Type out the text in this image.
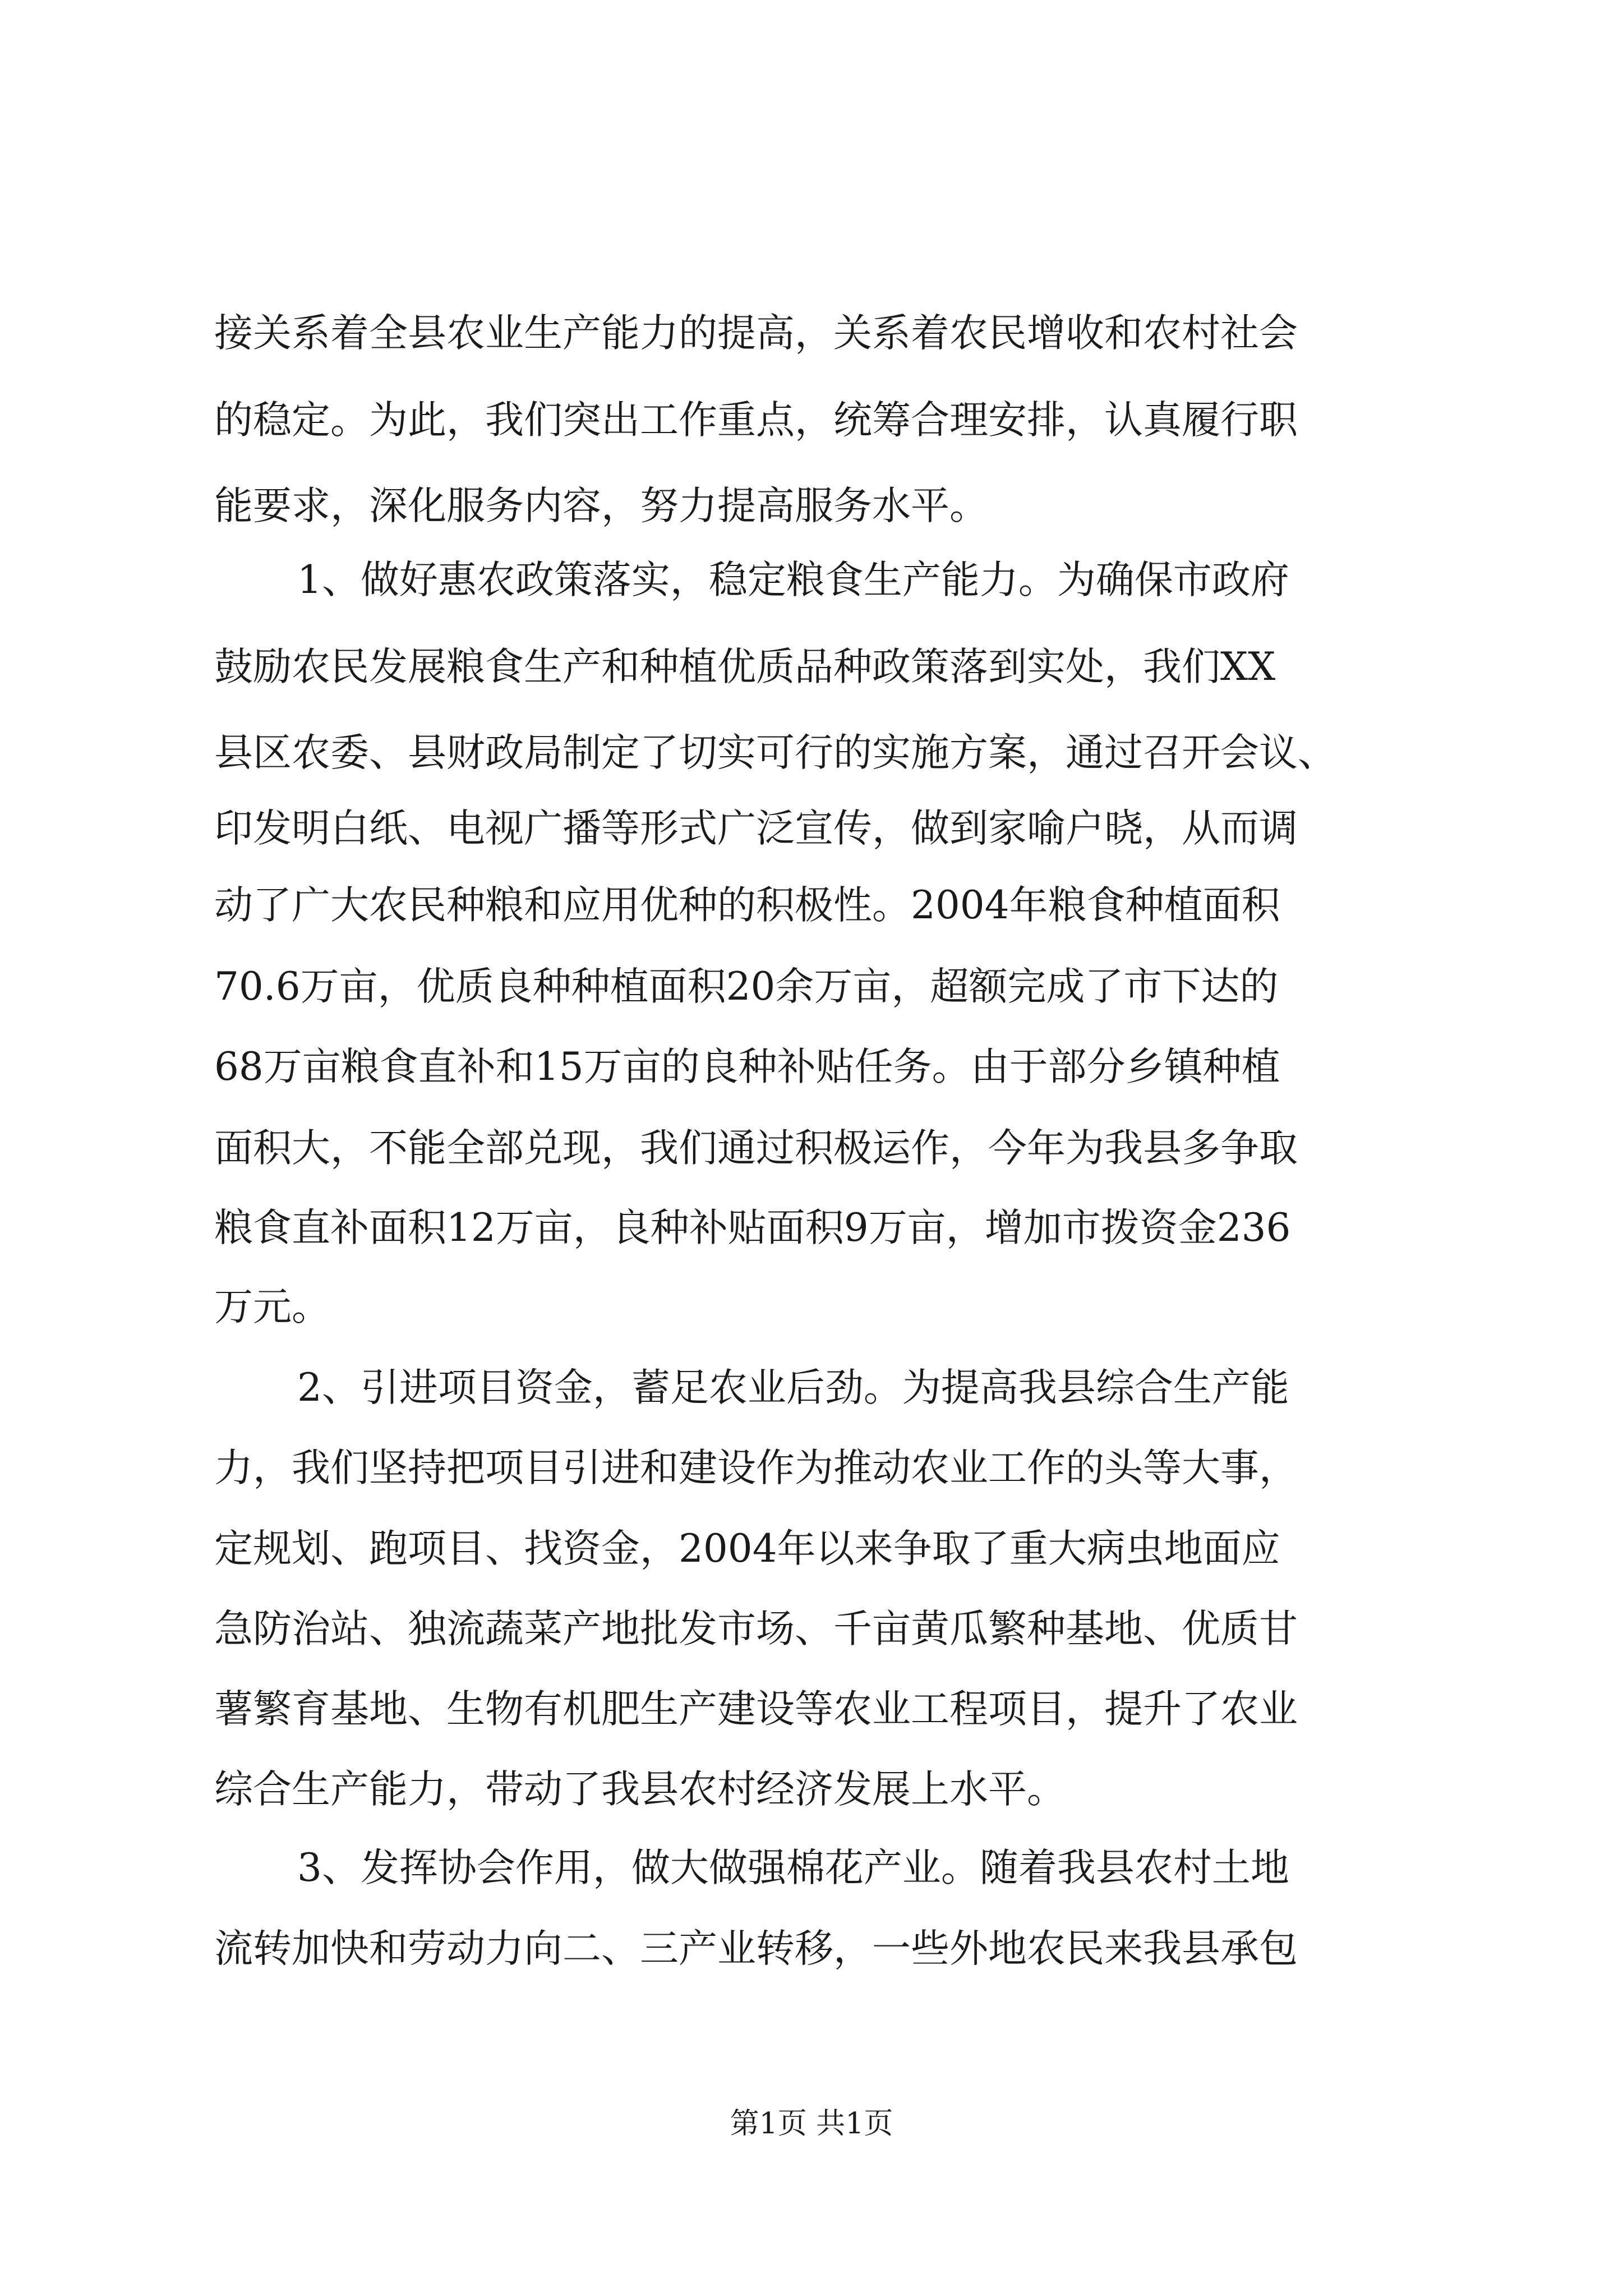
接关系着全县农业生产能力的提高，关系着农民增收和农村社会

的稳定。为此，我们突出工作重点，统筹合理安排，认真履行职

能要求，深化服务内容，努力提高服务水平。

1、做好惠农政策落实，稳定粮食生产能力。为确保市政府

鼓励农民发展粮食生产和种植优质品种政策落到实处，我们XX

县区农委、县财政局制定了切实可行的实施方案，通过召开会议、

印发明白纸、电视广播等形式广泛宣传，做到家喻户晓，从而调

动了广大农民种粮和应用优种的积极性。2004年粮食种植面积

70.6万亩，优质良种种植面积20余万亩，超额完成了市下达的

68万亩粮食直补和15万亩的良种补贴任务。由于部分乡镇种植

面积大，不能全部兑现，我们通过积极运作，今年为我县多争取

粮食直补面积12万亩，良种补贴面积9万亩，增加市拨资金236

万元。

2、引进项目资金，蓄足农业后劲。为提高我县综合生产能

力，我们坚持把项目引进和建设作为推动农业工作的头等大事，

定规划、跑项目、找资金，2004年以来争取了重大病虫地面应

急防治站、独流蔬菜产地批发市场、千亩黄瓜繁种基地、优质甘

薯繁育基地、生物有机肥生产建设等农业工程项目，提升了农业

综合生产能力，带动了我县农村经济发展上水平。

3、发挥协会作用，做大做强棉花产业。随着我县农村土地

流转加快和劳动力向二、三产业转移，一些外地农民来我县承包

第1页 共1页
